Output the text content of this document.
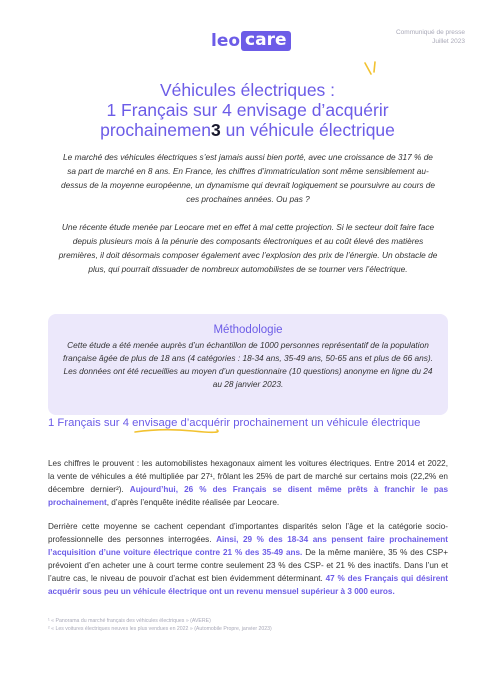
leo care	Communiqué de presse
Juillet 2023
Véhicules électriques :
1 Français sur 4 envisage d’acquérir
prochainemen3 un véhicule électrique

Le marché des véhicules électriques s’est jamais aussi bien porté, avec une croissance de 317 % de sa part de marché en 8 ans. En France, les chiffres d’immatriculation sont même sensiblement au-dessus de la moyenne européenne, un dynamisme qui devrait logiquement se poursuivre au cours de ces prochaines années. Ou pas ?

Une récente étude menée par Leocare met en effet à mal cette projection. Si le secteur doit faire face depuis plusieurs mois à la pénurie des composants électroniques et au coût élevé des matières premières, il doit désormais composer également avec l’explosion des prix de l’énergie. Un obstacle de plus, qui pourrait dissuader de nombreux automobilistes de se tourner vers l’électrique.

Méthodologie
Cette étude a été menée auprès d’un échantillon de 1000 personnes représentatif de la population française âgée de plus de 18 ans (4 catégories : 18-34 ans, 35-49 ans, 50-65 ans et plus de 66 ans). Les données ont été recueillies au moyen d’un questionnaire (10 questions) anonyme en ligne du 24 au 28 janvier 2023.
1 Français sur 4 envisage d’acquérir prochainement un véhicule électrique

Les chiffres le prouvent : les automobilistes hexagonaux aiment les voitures électriques. Entre 2014 et 2022, la vente de véhicules a été multipliée par 27¹, frôlant les 25% de part de marché sur certains mois (22,2% en décembre dernier²). Aujourd’hui, 26 % des Français se disent même prêts à franchir le pas prochainement, d’après l’enquête inédite réalisée par Leocare.

Derrière cette moyenne se cachent cependant d’importantes disparités selon l’âge et la catégorie socio-professionnelle des personnes interrogées. Ainsi, 29 % des 18-34 ans pensent faire prochainement l’acquisition d’une voiture électrique contre 21 % des 35-49 ans. De la même manière, 35 % des CSP+ prévoient d’en acheter une à court terme contre seulement 23 % des CSP- et 21 % des inactifs. Dans l’un et l’autre cas, le niveau de pouvoir d’achat est bien évidemment déterminant. 47 % des Français qui désirent acquérir sous peu un véhicule électrique ont un revenu mensuel supérieur à 3 000 euros.

¹ « Panorama du marché français des véhicules électriques » (AVERE)
² « Les voitures électriques neuves les plus vendues en 2022 » (Automobile Propre, janvier 2023)
